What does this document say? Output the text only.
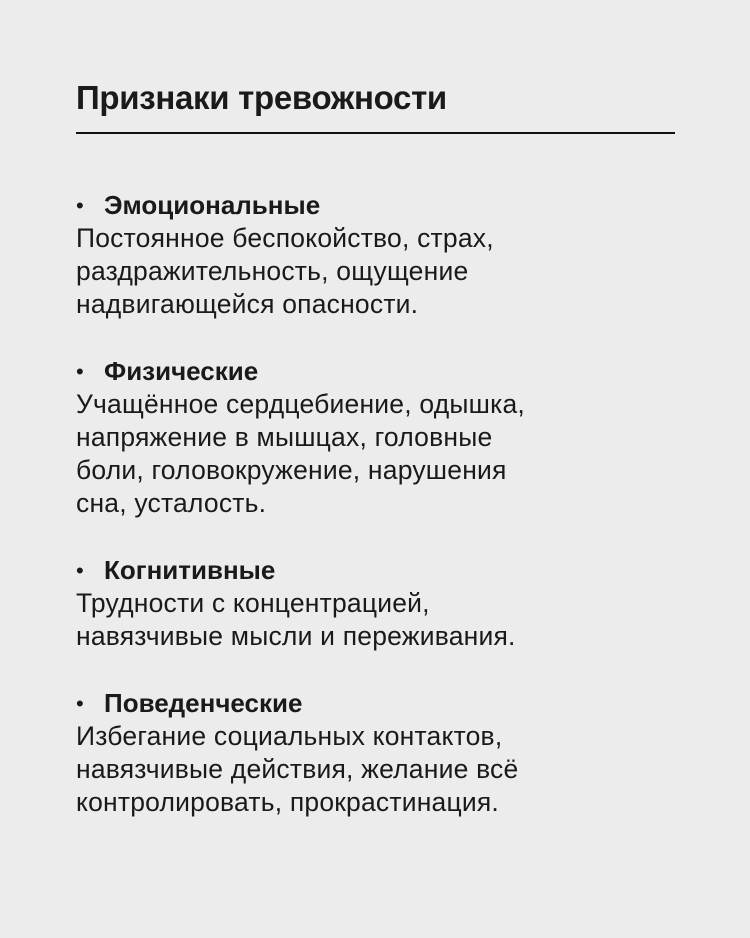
Признаки тревожности
• Эмоциональные

Постоянное беспокойство, страх,
раздражительность, ощущение
надвигающейся опасности.

• Физические

Учащённое сердцебиение, одышка,
напряжение в мышцах, головные
боли, головокружение, нарушения
сна, усталость.

• Когнитивные

Трудности с концентрацией,
навязчивые мысли и переживания.

• Поведенческие

Избегание социальных контактов,
навязчивые действия, желание всё
контролировать, прокрастинация.
